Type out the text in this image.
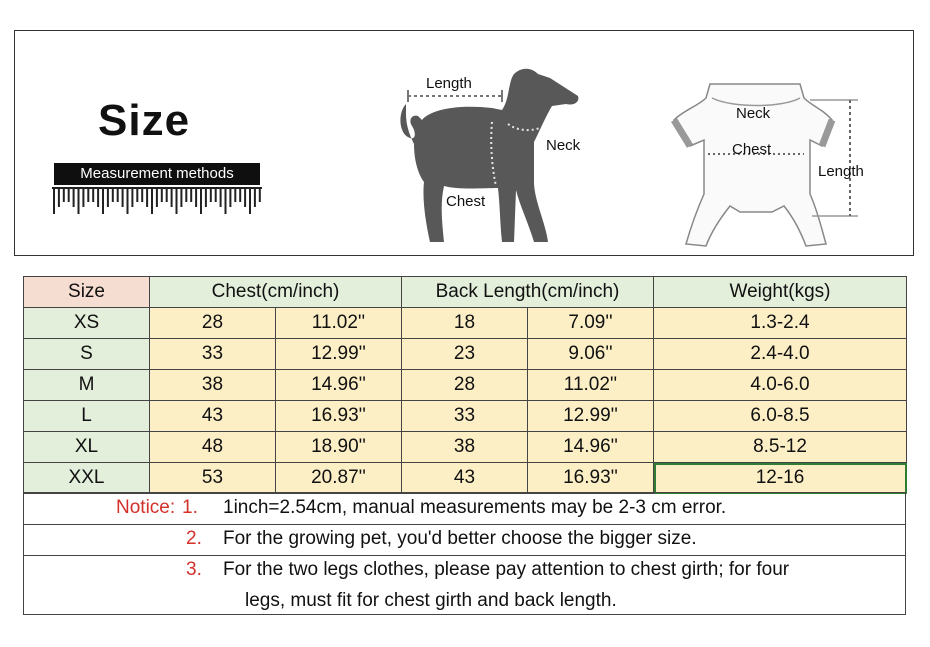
Size
Measurement methods
Length
Neck
Chest
Neck
Chest
Length
Size	Chest(cm/inch)		Back Length(cm/inch)		Weight(kgs)
XS	28	11.02''	18	7.09''	1.3-2.4
S	33	12.99''	23	9.06''	2.4-4.0
M	38	14.96''	28	11.02''	4.0-6.0
L	43	16.93''	33	12.99''	6.0-8.5
XL	48	18.90''	38	14.96''	8.5-12
XXL	53	20.87''	43	16.93''	12-16
Notice: 1. 1inch=2.54cm, manual measurements may be 2-3 cm error.
2. For the growing pet, you'd better choose the bigger size.
3. For the two legs clothes, please pay attention to chest girth; for four
legs, must fit for chest girth and back length.
